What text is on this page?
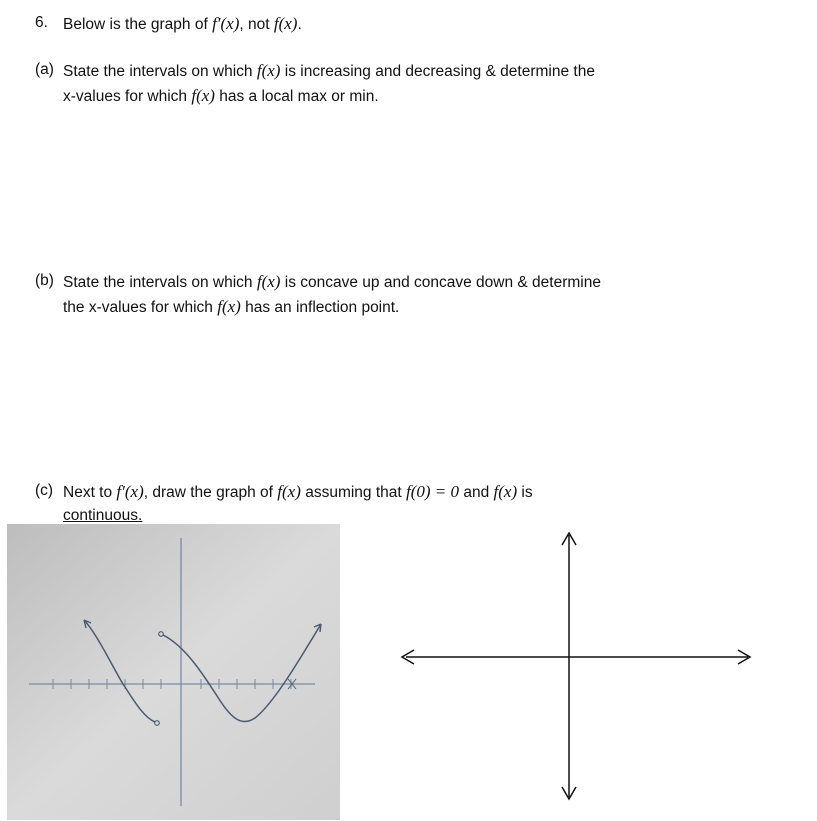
6. Below is the graph of f′(x), not f(x).
(a) State the intervals on which f(x) is increasing and decreasing & determine the
x-values for which f(x) has a local max or min.
(b) State the intervals on which f(x) is concave up and concave down & determine
the x-values for which f(x) has an inflection point.
(c) Next to f′(x), draw the graph of f(x) assuming that f(0) = 0 and f(x) is
continuous.
